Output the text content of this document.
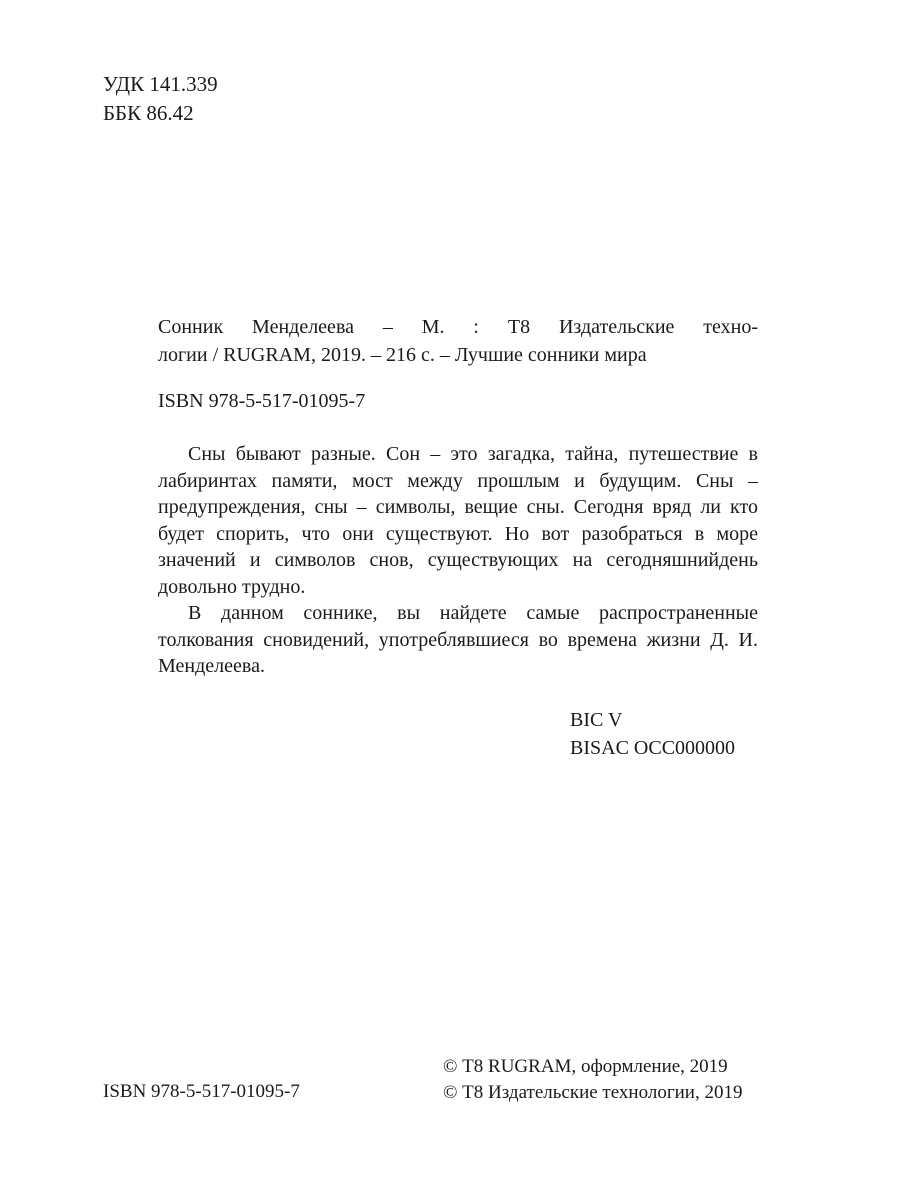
УДК 141.339
ББК 86.42
Сонник Менделеева – М. : Т8 Издательские техно-
логии / RUGRAM, 2019. – 216 с. – Лучшие сонники мира
ISBN 978-5-517-01095-7

Сны бывают разные. Сон – это загадка, тайна, путешествие в лабиринтах памяти, мост между прошлым и будущим. Сны – предупреждения, сны – символы, вещие сны. Сегодня вряд ли кто будет спорить, что они существуют. Но вот разобраться в море значений и символов снов, существующих на сегодняшнийдень довольно трудно.

В данном соннике, вы найдете самые распространенные толкования сновидений, употреблявшиеся во времена жизни Д. И. Менделеева.

BIC V
BISAC OCC000000
ISBN 978-5-517-01095-7
© Т8 RUGRAM, оформление, 2019
© Т8 Издательские технологии, 2019
